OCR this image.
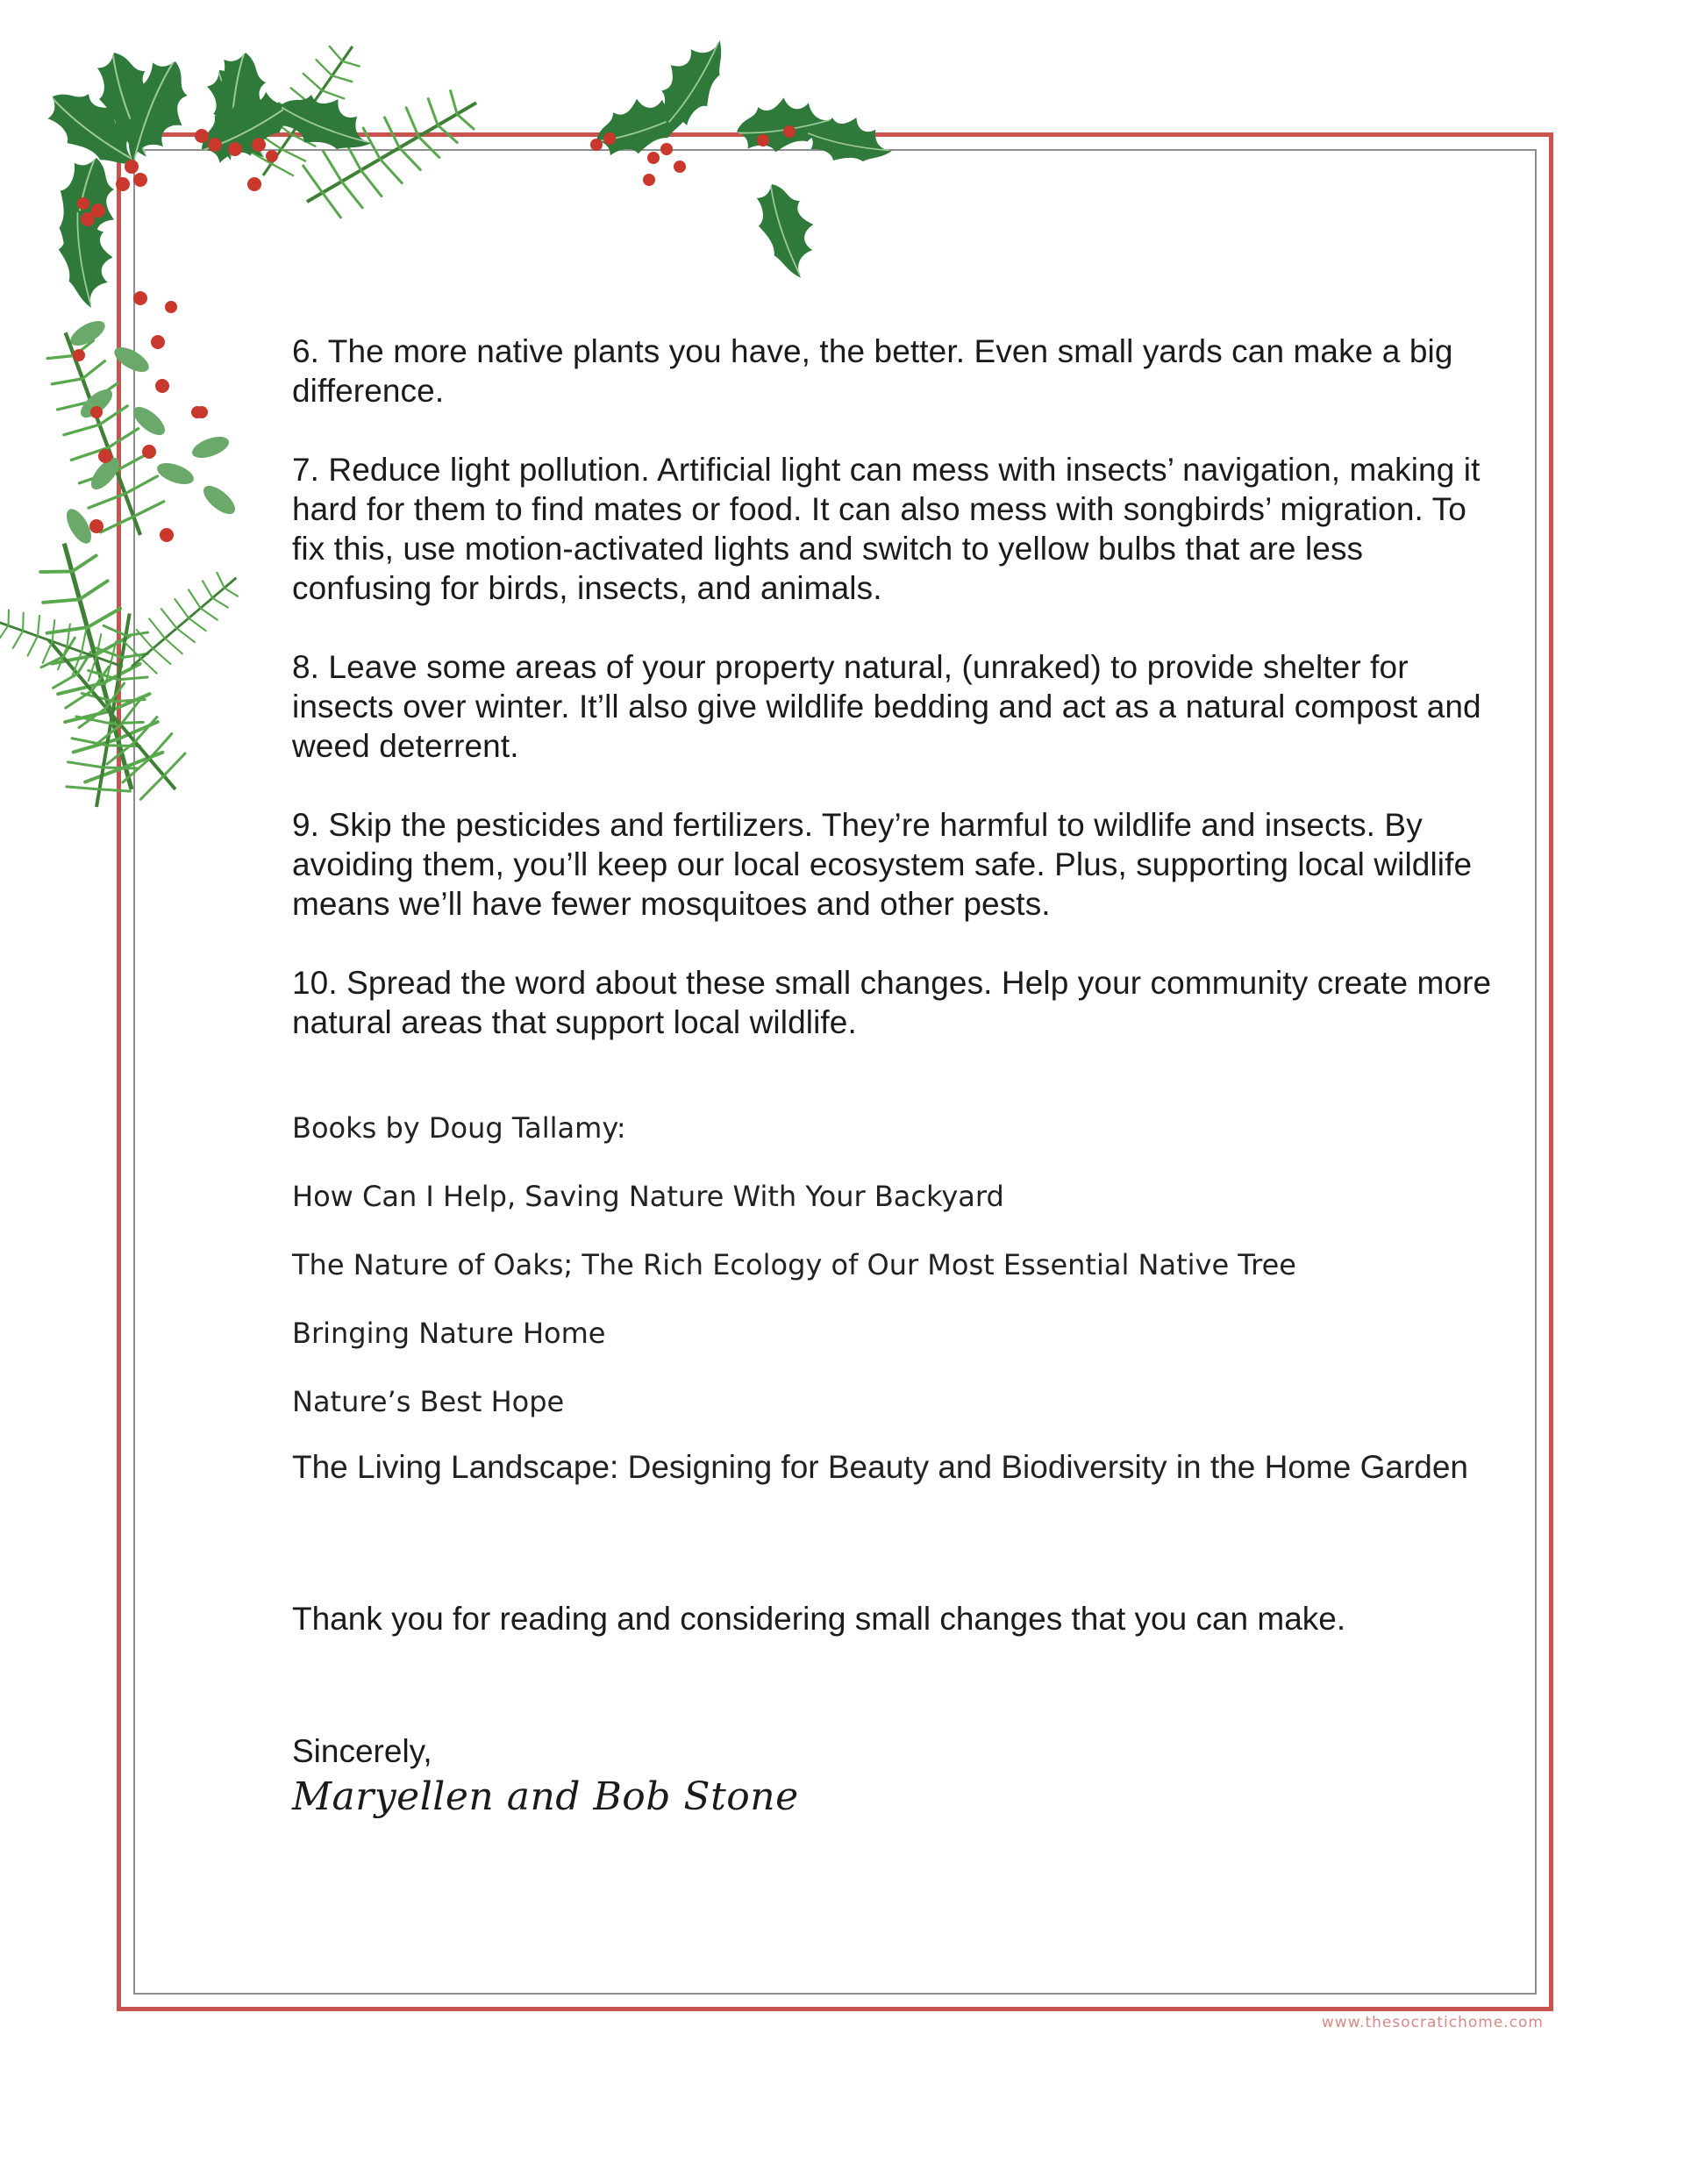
6. The more native plants you have, the better. Even small yards can make a big difference.

7. Reduce light pollution. Artificial light can mess with insects’ navigation, making it hard for them to find mates or food. It can also mess with songbirds’ migration. To fix this, use motion-activated lights and switch to yellow bulbs that are less confusing for birds, insects, and animals.

8. Leave some areas of your property natural, (unraked) to provide shelter for insects over winter. It’ll also give wildlife bedding and act as a natural compost and weed deterrent.

9. Skip the pesticides and fertilizers. They’re harmful to wildlife and insects. By avoiding them, you’ll keep our local ecosystem safe. Plus, supporting local wildlife means we’ll have fewer mosquitoes and other pests.

10. Spread the word about these small changes. Help your community create more natural areas that support local wildlife.

Books by Doug Tallamy:

How Can I Help, Saving Nature With Your Backyard

The Nature of Oaks; The Rich Ecology of Our Most Essential Native Tree

Bringing Nature Home

Nature’s Best Hope

The Living Landscape: Designing for Beauty and Biodiversity in the Home Garden

Thank you for reading and considering small changes that you can make.

Sincerely,

Maryellen and Bob Stone

www.thesocratichome.com
